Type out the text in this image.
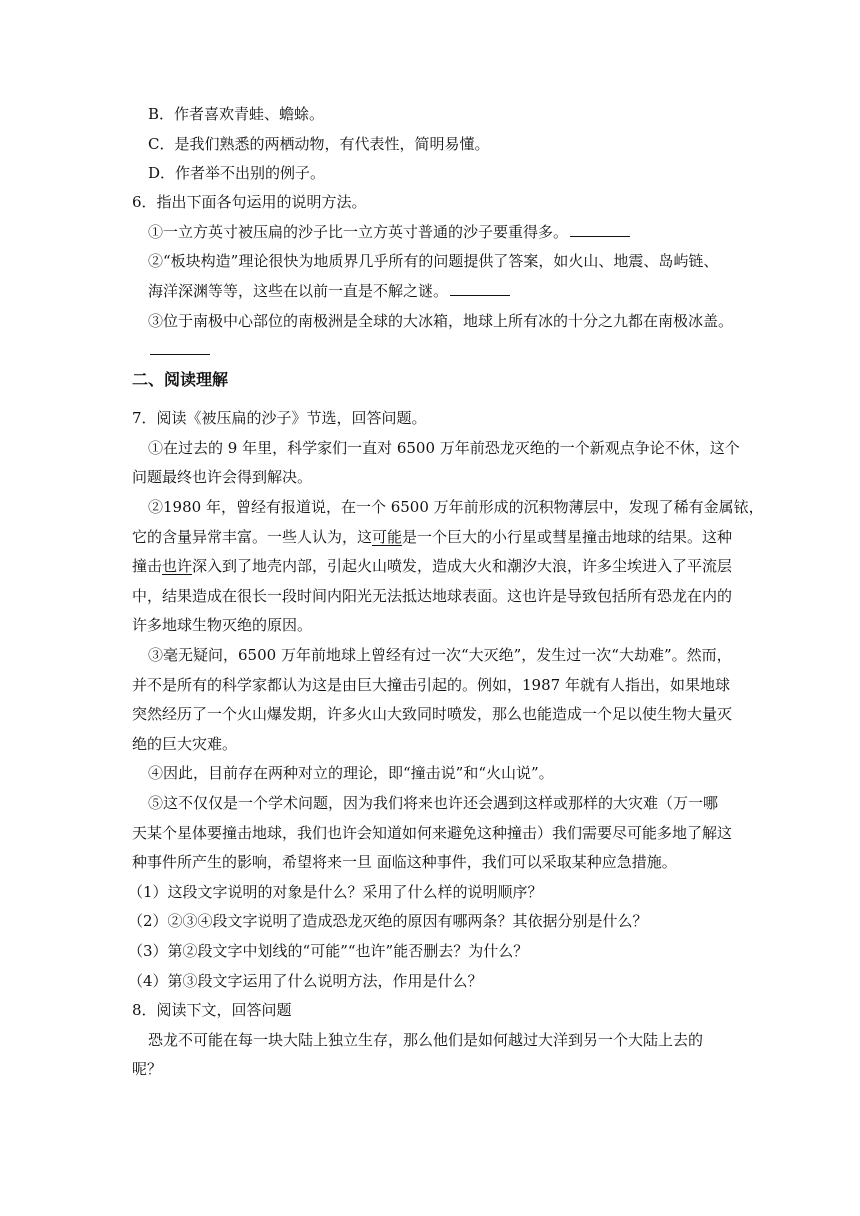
B．作者喜欢青蛙、蟾蜍。
C．是我们熟悉的两栖动物，有代表性，简明易懂。
D．作者举不出别的例子。
6．指出下面各句运用的说明方法。
①一立方英寸被压扁的沙子比一立方英寸普通的沙子要重得多。
②“板块构造”理论很快为地质界几乎所有的问题提供了答案，如火山、地震、岛屿链、
海洋深渊等等，这些在以前一直是不解之谜。
③位于南极中心部位的南极洲是全球的大冰箱，地球上所有冰的十分之九都在南极冰盖。
二、阅读理解
7．阅读《被压扁的沙子》节选，回答问题。
①在过去的 9 年里，科学家们一直对 6500 万年前恐龙灭绝的一个新观点争论不休，这个
问题最终也许会得到解决。
②1980 年，曾经有报道说，在一个 6500 万年前形成的沉积物薄层中，发现了稀有金属铱，
它的含量异常丰富。一些人认为，这可能是一个巨大的小行星或彗星撞击地球的结果。这种
撞击也许深入到了地壳内部，引起火山喷发，造成大火和潮汐大浪，许多尘埃进入了平流层
中，结果造成在很长一段时间内阳光无法抵达地球表面。这也许是导致包括所有恐龙在内的
许多地球生物灭绝的原因。
③毫无疑问，6500 万年前地球上曾经有过一次“大灭绝”，发生过一次“大劫难”。然而，
并不是所有的科学家都认为这是由巨大撞击引起的。例如，1987 年就有人指出，如果地球
突然经历了一个火山爆发期，许多火山大致同时喷发，那么也能造成一个足以使生物大量灭
绝的巨大灾难。
④因此，目前存在两种对立的理论，即“撞击说”和“火山说”。
⑤这不仅仅是一个学术问题，因为我们将来也许还会遇到这样或那样的大灾难（万一哪
天某个星体要撞击地球，我们也许会知道如何来避免这种撞击）我们需要尽可能多地了解这
种事件所产生的影响，希望将来一旦 面临这种事件，我们可以采取某种应急措施。
（1）这段文字说明的对象是什么？采用了什么样的说明顺序？
（2）②③④段文字说明了造成恐龙灭绝的原因有哪两条？其依据分别是什么？
（3）第②段文字中划线的“可能”“也许”能否删去？为什么？
（4）第③段文字运用了什么说明方法，作用是什么？
8．阅读下文，回答问题
恐龙不可能在每一块大陆上独立生存，那么他们是如何越过大洋到另一个大陆上去的
呢？
